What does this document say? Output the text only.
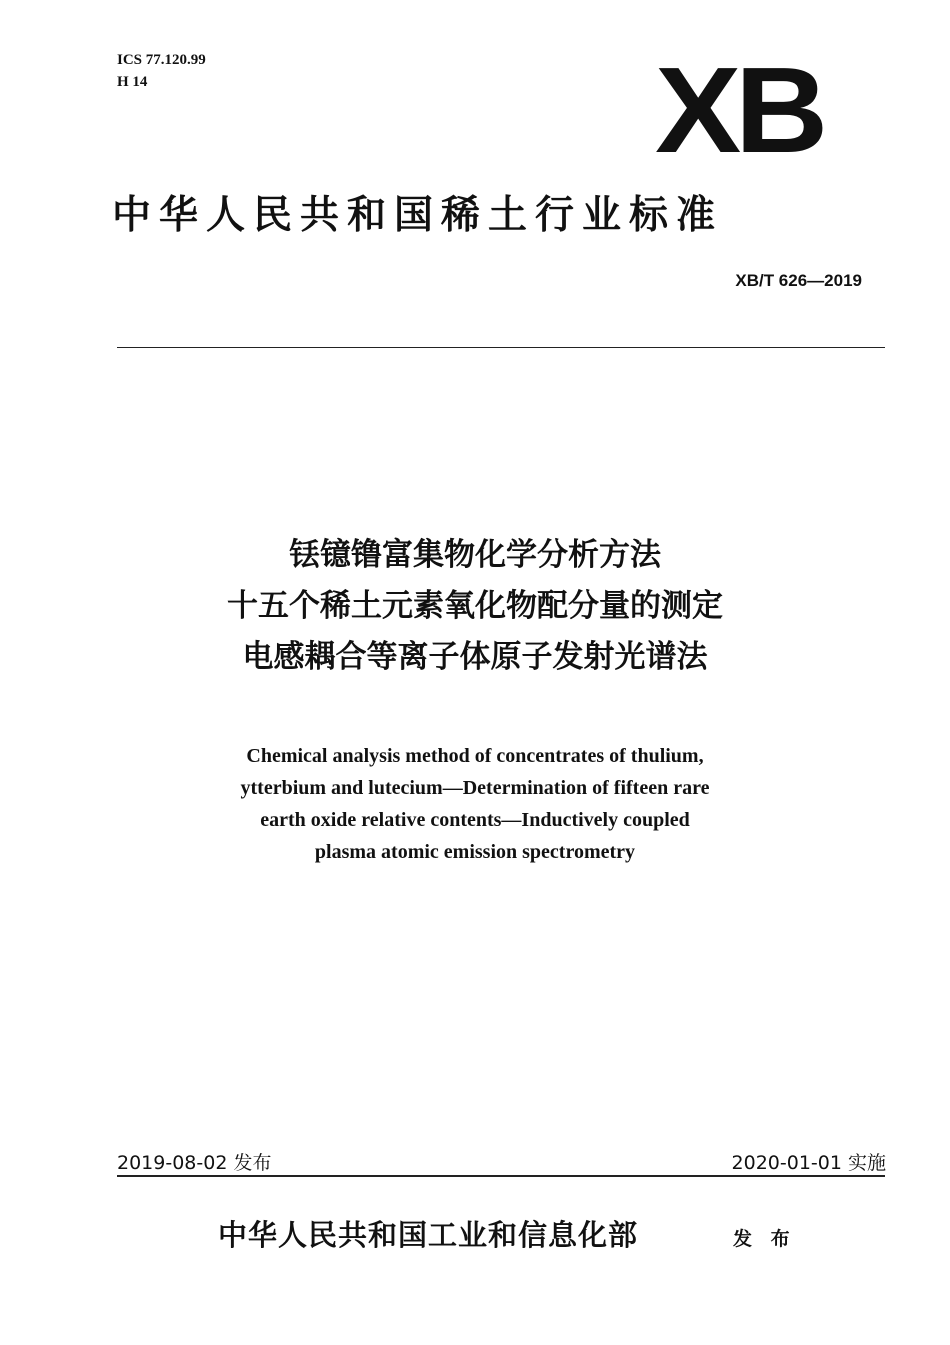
ICS 77.120.99
H 14	XB
中华人民共和国稀土行业标准
XB/T 626—2019
铥镱镥富集物化学分析方法
十五个稀土元素氧化物配分量的测定
电感耦合等离子体原子发射光谱法
Chemical analysis method of concentrates of thulium,
ytterbium and lutecium—Determination of fifteen rare
earth oxide relative contents—Inductively coupled
plasma atomic emission spectrometry
2019-08-02 发布	2020-01-01 实施
中华人民共和国工业和信息化部	发 布
